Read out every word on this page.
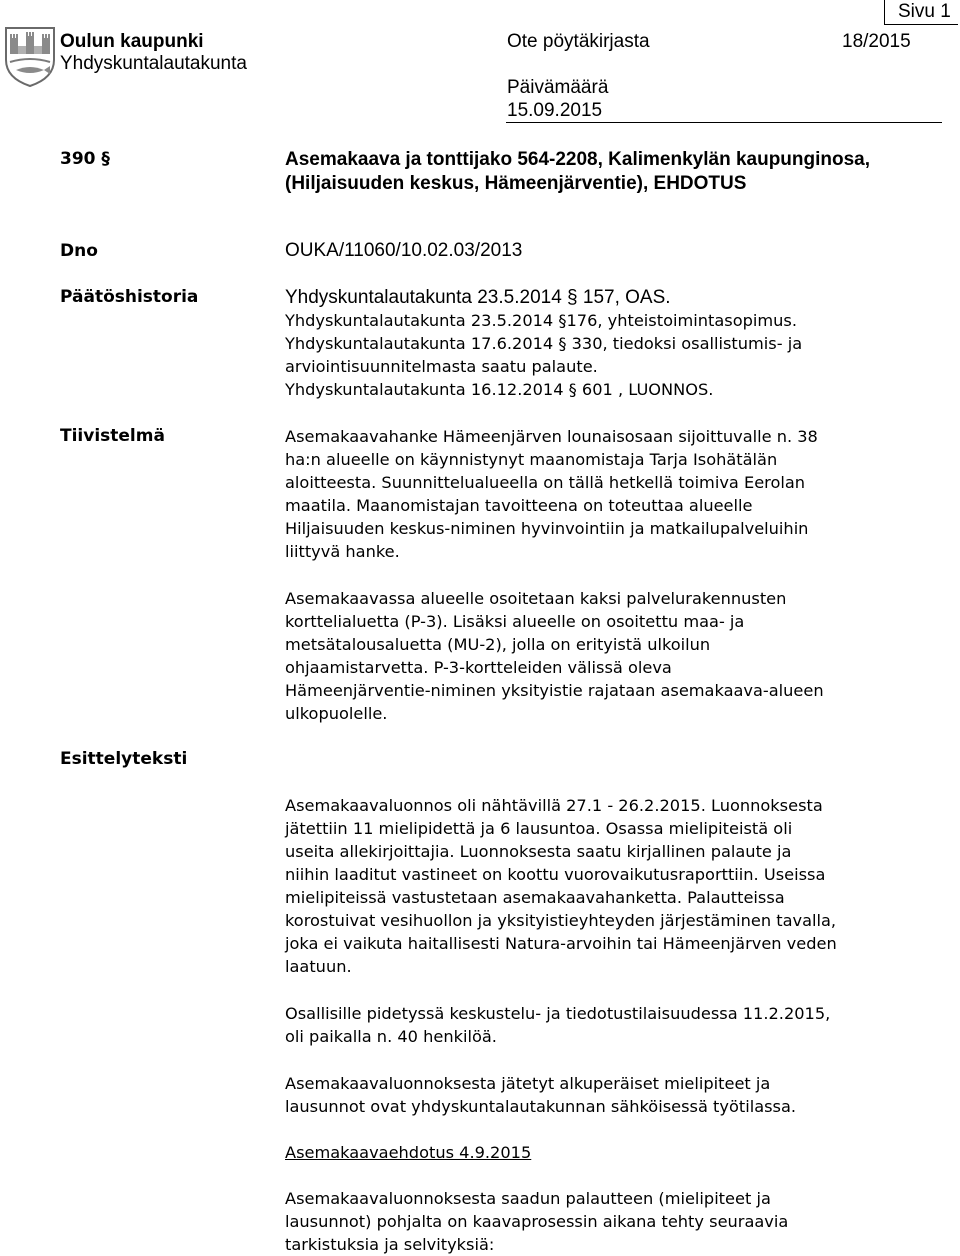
Sivu 1
Oulun kaupunki
Yhdyskuntalautakunta
Ote pöytäkirjasta	18/2015
Päivämäärä
15.09.2015
390 §	Asemakaava ja tonttijako 564-2208, Kalimenkylän kaupunginosa, (Hiljaisuuden keskus, Hämeenjärventie), EHDOTUS
Dno	OUKA/11060/10.02.03/2013
Päätöshistoria	Yhdyskuntalautakunta 23.5.2014 § 157, OAS.
Yhdyskuntalautakunta 23.5.2014 §176, yhteistoimintasopimus.
Yhdyskuntalautakunta 17.6.2014 § 330, tiedoksi osallistumis- ja
arviointisuunnitelmasta saatu palaute.
Yhdyskuntalautakunta 16.12.2014 § 601 , LUONNOS.
Tiivistelmä	Asemakaavahanke Hämeenjärven lounaisosaan sijoittuvalle n. 38
ha:n alueelle on käynnistynyt maanomistaja Tarja Isohätälän
aloitteesta. Suunnittelualueella on tällä hetkellä toimiva Eerolan
maatila. Maanomistajan tavoitteena on toteuttaa alueelle
Hiljaisuuden keskus-niminen hyvinvointiin ja matkailupalveluihin
liittyvä hanke.
Asemakaavassa alueelle osoitetaan kaksi palvelurakennusten
korttelialuetta (P-3). Lisäksi alueelle on osoitettu maa- ja
metsätalousaluetta (MU-2), jolla on erityistä ulkoilun
ohjaamistarvetta. P-3-kortteleiden välissä oleva
Hämeenjärventie-niminen yksityistie rajataan asemakaava-alueen
ulkopuolelle.
Esittelyteksti
Asemakaavaluonnos oli nähtävillä 27.1 - 26.2.2015. Luonnoksesta
jätettiin 11 mielipidettä ja 6 lausuntoa. Osassa mielipiteistä oli
useita allekirjoittajia. Luonnoksesta saatu kirjallinen palaute ja
niihin laaditut vastineet on koottu vuorovaikutusraporttiin. Useissa
mielipiteissä vastustetaan asemakaavahanketta. Palautteissa
korostuivat vesihuollon ja yksityistieyhteyden järjestäminen tavalla,
joka ei vaikuta haitallisesti Natura-arvoihin tai Hämeenjärven veden
laatuun.
Osallisille pidetyssä keskustelu- ja tiedotustilaisuudessa 11.2.2015,
oli paikalla n. 40 henkilöä.
Asemakaavaluonnoksesta jätetyt alkuperäiset mielipiteet ja
lausunnot ovat yhdyskuntalautakunnan sähköisessä työtilassa.
Asemakaavaehdotus 4.9.2015
Asemakaavaluonnoksesta saadun palautteen (mielipiteet ja
lausunnot) pohjalta on kaavaprosessin aikana tehty seuraavia
tarkistuksia ja selvityksiä:
